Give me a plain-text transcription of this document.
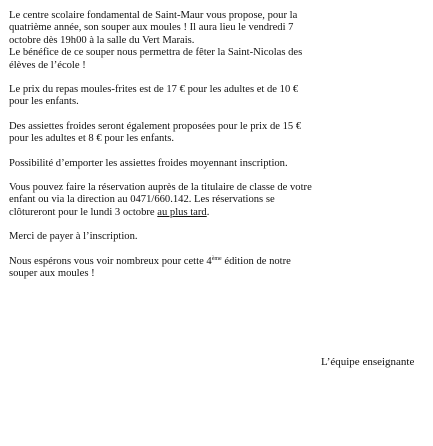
Le centre scolaire fondamental de Saint-Maur vous propose, pour la

quatrième année, son souper aux moules ! Il aura lieu le vendredi 7

octobre dès 19h00 à la salle du Vert Marais.

Le bénéfice de ce souper nous permettra de fêter la Saint-Nicolas des

élèves de l’école !

Le prix du repas moules-frites est de 17 € pour les adultes et de 10 €

pour les enfants.

Des assiettes froides seront également proposées pour le prix de 15 €

pour les adultes et 8 € pour les enfants.

Possibilité d’emporter les assiettes froides moyennant inscription.

Vous pouvez faire la réservation auprès de la titulaire de classe de votre

enfant ou via la direction au 0471/660.142. Les réservations se

clôtureront pour le lundi 3 octobre au plus tard.

Merci de payer à l’inscription.

Nous espérons vous voir nombreux pour cette 4ème édition de notre

souper aux moules !

L’équipe enseignante
